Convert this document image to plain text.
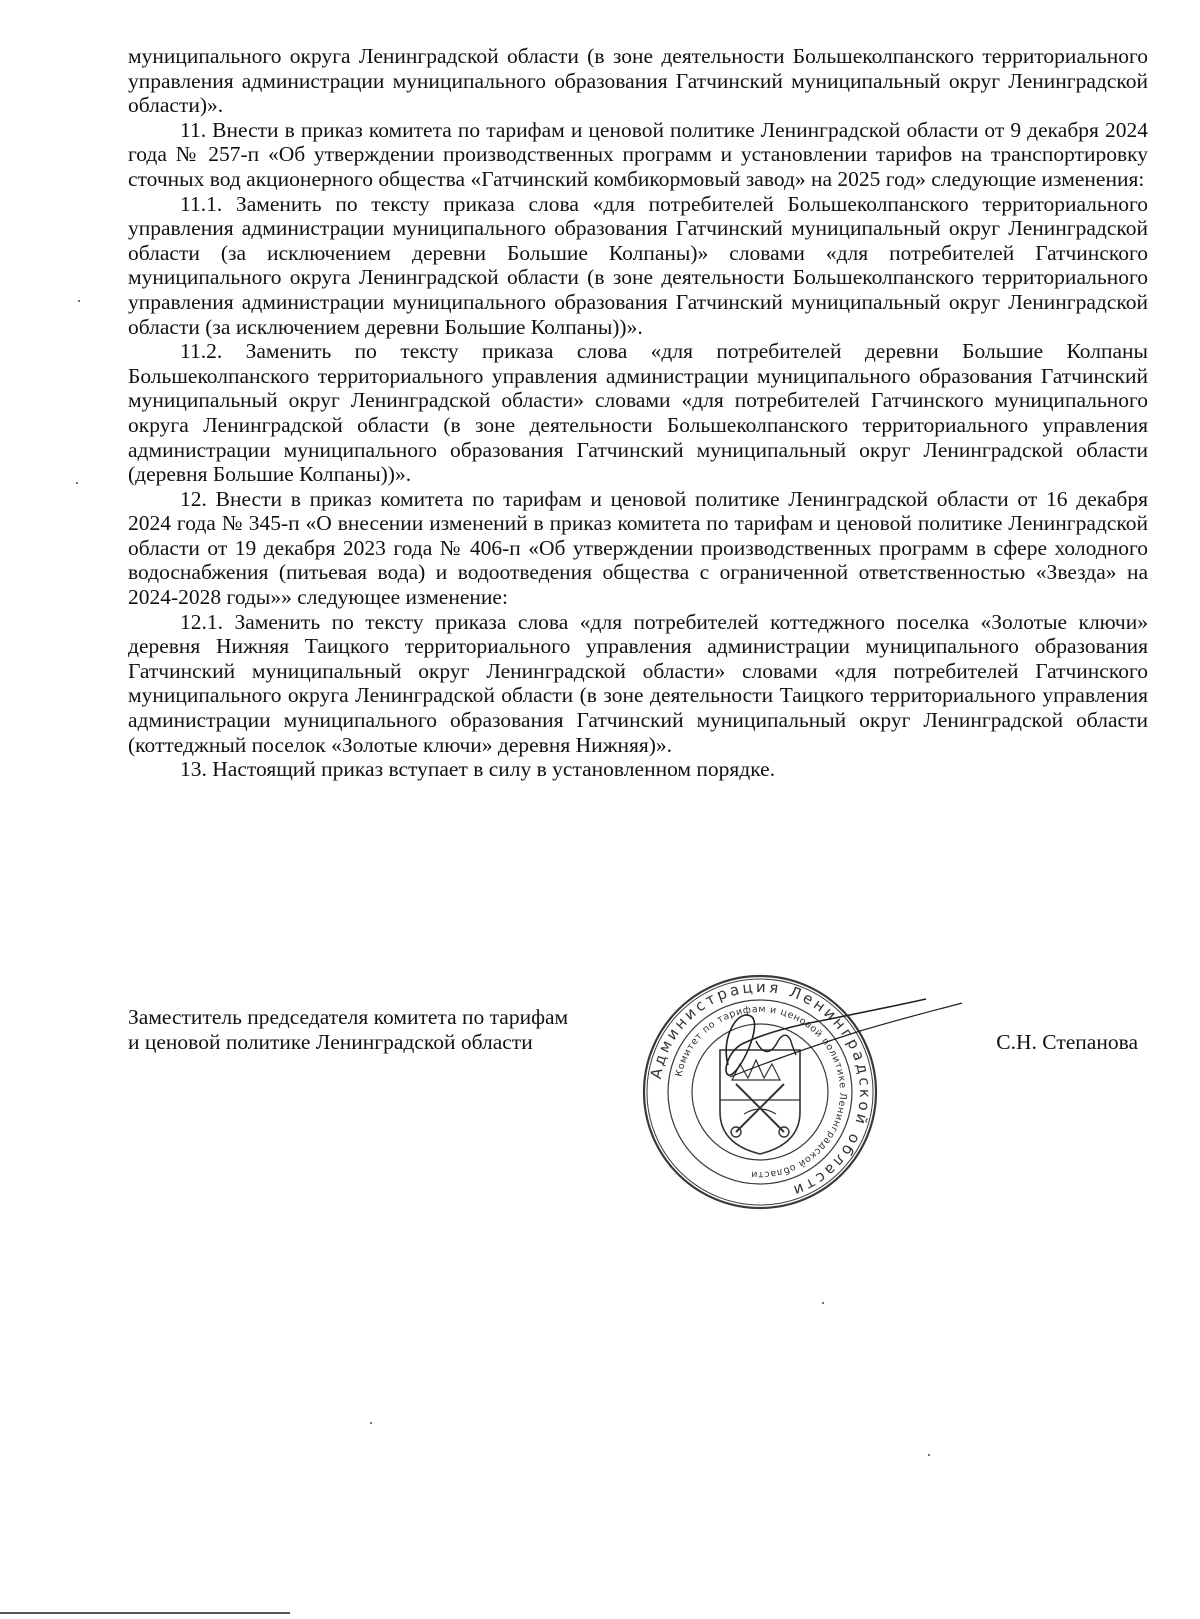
муниципального округа Ленинградской области (в зоне деятельности Большеколпанского территориального управления администрации муниципального образования Гатчинский муниципальный округ Ленинградской области)».

11. Внести в приказ комитета по тарифам и ценовой политике Ленинградской области от 9 декабря 2024 года № 257-п «Об утверждении производственных программ и установлении тарифов на транспортировку сточных вод акционерного общества «Гатчинский комбикормовый завод» на 2025 год» следующие изменения:

11.1. Заменить по тексту приказа слова «для потребителей Большеколпанского территориального управления администрации муниципального образования Гатчинский муниципальный округ Ленинградской области (за исключением деревни Большие Колпаны)» словами «для потребителей Гатчинского муниципального округа Ленинградской области (в зоне деятельности Большеколпанского территориального управления администрации муниципального образования Гатчинский муниципальный округ Ленинградской области (за исключением деревни Большие Колпаны))».

11.2. Заменить по тексту приказа слова «для потребителей деревни Большие Колпаны Большеколпанского территориального управления администрации муниципального образования Гатчинский муниципальный округ Ленинградской области» словами «для потребителей Гатчинского муниципального округа Ленинградской области (в зоне деятельности Большеколпанского территориального управления администрации муниципального образования Гатчинский муниципальный округ Ленинградской области (деревня Большие Колпаны))».

12. Внести в приказ комитета по тарифам и ценовой политике Ленинградской области от 16 декабря 2024 года № 345-п «О внесении изменений в приказ комитета по тарифам и ценовой политике Ленинградской области от 19 декабря 2023 года № 406-п «Об утверждении производственных программ в сфере холодного водоснабжения (питьевая вода) и водоотведения общества с ограниченной ответственностью «Звезда» на 2024-2028 годы»» следующее изменение:

12.1. Заменить по тексту приказа слова «для потребителей коттеджного поселка «Золотые ключи» деревня Нижняя Таицкого территориального управления администрации муниципального образования Гатчинский муниципальный округ Ленинградской области» словами «для потребителей Гатчинского муниципального округа Ленинградской области (в зоне деятельности Таицкого территориального управления администрации муниципального образования Гатчинский муниципальный округ Ленинградской области (коттеджный поселок «Золотые ключи» деревня Нижняя)».

13. Настоящий приказ вступает в силу в установленном порядке.

Заместитель председателя комитета по тарифам
и ценовой политике Ленинградской области
Администрация Ленинградской области
Комитет по тарифам и ценовой политике Ленинградской области
С.Н. Степанова
